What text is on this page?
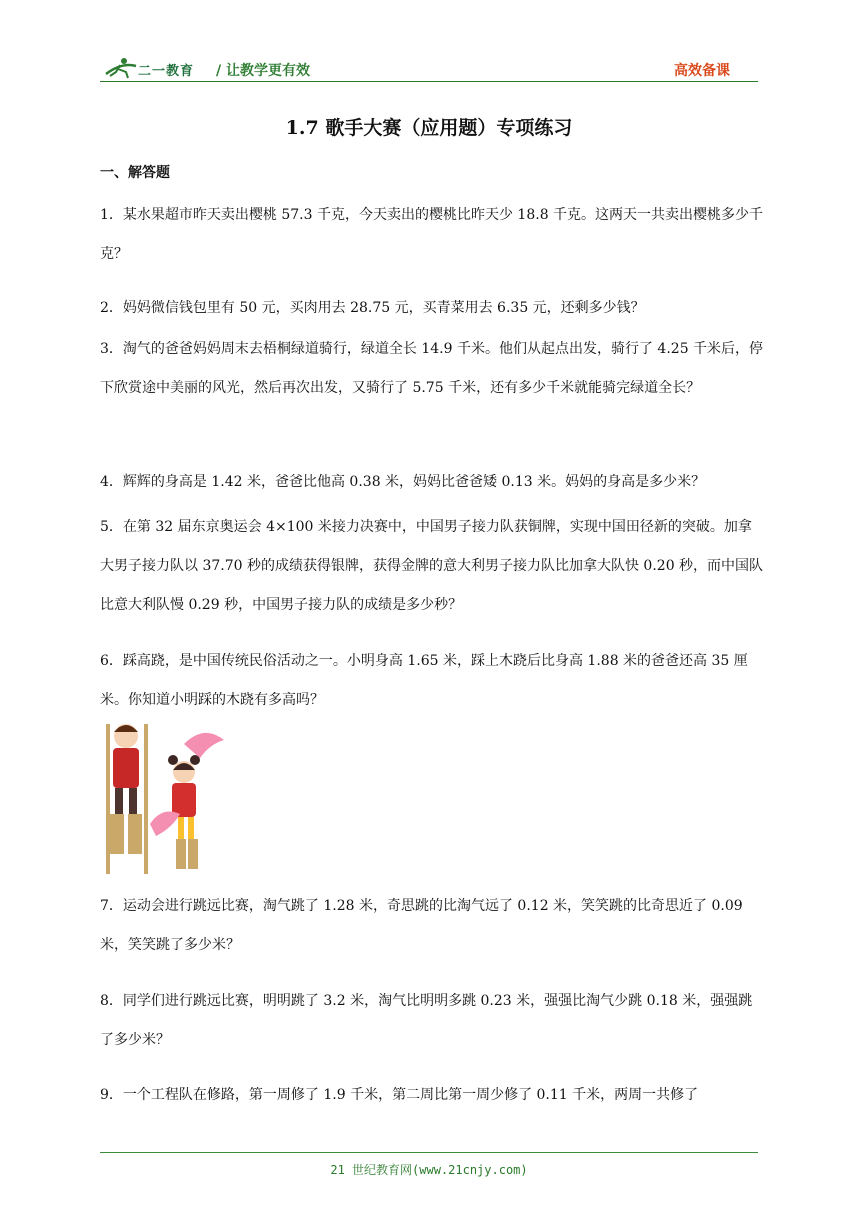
二一教育 / 让教学更有效	高效备课
1.7 歌手大赛（应用题）专项练习
一、解答题
1．某水果超市昨天卖出樱桃 57.3 千克，今天卖出的樱桃比昨天少 18.8 千克。这两天一共卖出樱桃多少千克？
2．妈妈微信钱包里有 50 元，买肉用去 28.75 元，买青菜用去 6.35 元，还剩多少钱？
3．淘气的爸爸妈妈周末去梧桐绿道骑行，绿道全长 14.9 千米。他们从起点出发，骑行了 4.25 千米后，停下欣赏途中美丽的风光，然后再次出发，又骑行了 5.75 千米，还有多少千米就能骑完绿道全长？
4．辉辉的身高是 1.42 米，爸爸比他高 0.38 米，妈妈比爸爸矮 0.13 米。妈妈的身高是多少米？
5．在第 32 届东京奥运会 4×100 米接力决赛中，中国男子接力队获铜牌，实现中国田径新的突破。加拿大男子接力队以 37.70 秒的成绩获得银牌，获得金牌的意大利男子接力队比加拿大队快 0.20 秒，而中国队比意大利队慢 0.29 秒，中国男子接力队的成绩是多少秒？
6．踩高跷，是中国传统民俗活动之一。小明身高 1.65 米，踩上木跷后比身高 1.88 米的爸爸还高 35 厘米。你知道小明踩的木跷有多高吗？
7．运动会进行跳远比赛，淘气跳了 1.28 米，奇思跳的比淘气远了 0.12 米，笑笑跳的比奇思近了 0.09 米，笑笑跳了多少米？
8．同学们进行跳远比赛，明明跳了 3.2 米，淘气比明明多跳 0.23 米，强强比淘气少跳 0.18 米，强强跳了多少米？
9．一个工程队在修路，第一周修了 1.9 千米，第二周比第一周少修了 0.11 千米，两周一共修了
21 世纪教育网(www.21cnjy.com)
